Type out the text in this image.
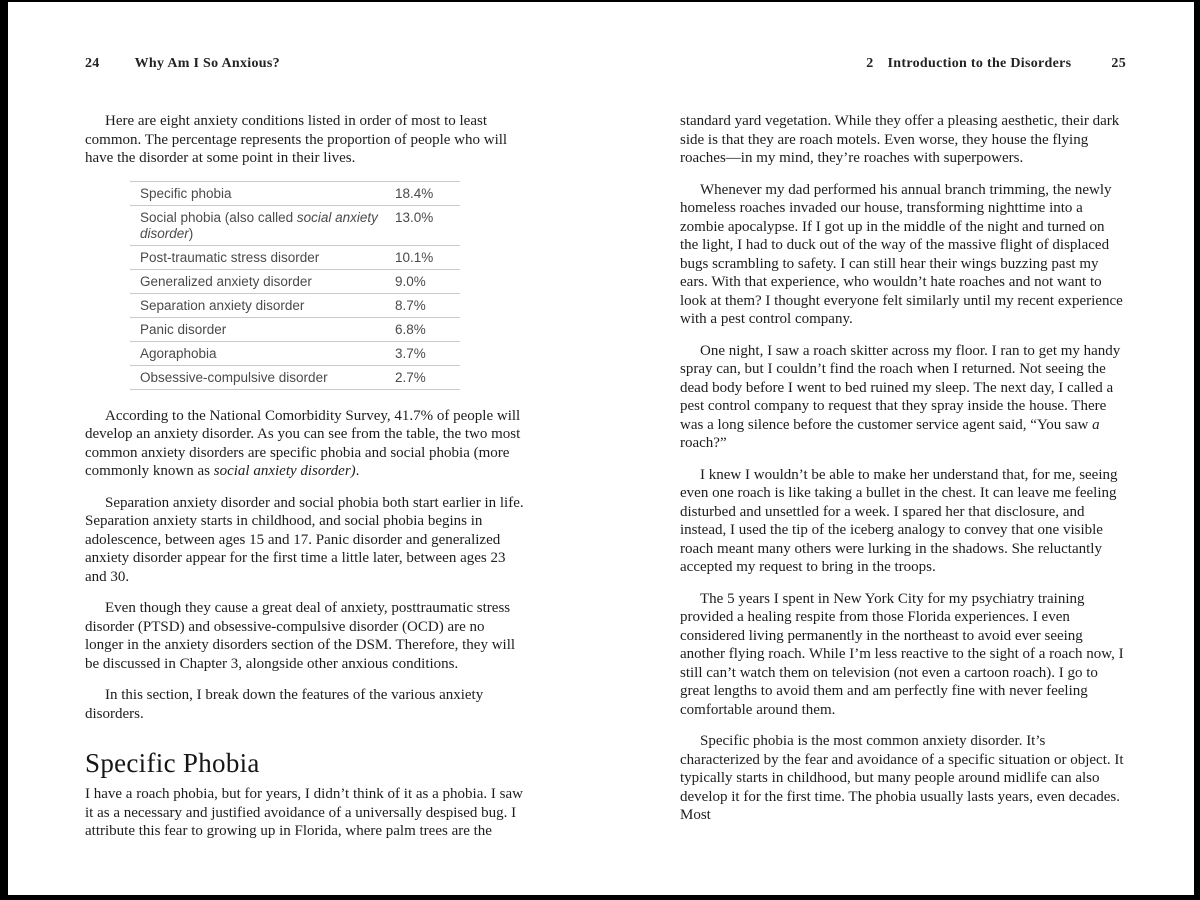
24	Why Am I So Anxious?

Here are eight anxiety conditions listed in order of most to least common. The percentage represents the proportion of people who will have the disorder at some point in their lives.

Specific phobia	18.4%
Social phobia (also called social anxiety disorder)	13.0%
Post-traumatic stress disorder	10.1%
Generalized anxiety disorder	9.0%
Separation anxiety disorder	8.7%
Panic disorder	6.8%
Agoraphobia	3.7%
Obsessive-compulsive disorder	2.7%

According to the National Comorbidity Survey, 41.7% of people will develop an anxiety disorder. As you can see from the table, the two most common anxiety disorders are specific phobia and social phobia (more commonly known as social anxiety disorder).

Separation anxiety disorder and social phobia both start earlier in life. Separation anxiety starts in childhood, and social phobia begins in adolescence, between ages 15 and 17. Panic disorder and generalized anxiety disorder appear for the first time a little later, between ages 23 and 30.

Even though they cause a great deal of anxiety, posttraumatic stress disorder (PTSD) and obsessive-compulsive disorder (OCD) are no longer in the anxiety disorders section of the DSM. Therefore, they will be discussed in Chapter 3, alongside other anxious conditions.

In this section, I break down the features of the various anxiety disorders.

Specific Phobia

I have a roach phobia, but for years, I didn’t think of it as a phobia. I saw it as a necessary and justified avoidance of a universally despised bug. I attribute this fear to growing up in Florida, where palm trees are the

2 Introduction to the Disorders	25

standard yard vegetation. While they offer a pleasing aesthetic, their dark side is that they are roach motels. Even worse, they house the flying roaches—in my mind, they’re roaches with superpowers.

Whenever my dad performed his annual branch trimming, the newly homeless roaches invaded our house, transforming nighttime into a zombie apocalypse. If I got up in the middle of the night and turned on the light, I had to duck out of the way of the massive flight of displaced bugs scrambling to safety. I can still hear their wings buzzing past my ears. With that experience, who wouldn’t hate roaches and not want to look at them? I thought everyone felt similarly until my recent experience with a pest control company.

One night, I saw a roach skitter across my floor. I ran to get my handy spray can, but I couldn’t find the roach when I returned. Not seeing the dead body before I went to bed ruined my sleep. The next day, I called a pest control company to request that they spray inside the house. There was a long silence before the customer service agent said, “You saw a roach?”

I knew I wouldn’t be able to make her understand that, for me, seeing even one roach is like taking a bullet in the chest. It can leave me feeling disturbed and unsettled for a week. I spared her that disclosure, and instead, I used the tip of the iceberg analogy to convey that one visible roach meant many others were lurking in the shadows. She reluctantly accepted my request to bring in the troops.

The 5 years I spent in New York City for my psychiatry training provided a healing respite from those Florida experiences. I even considered living permanently in the northeast to avoid ever seeing another flying roach. While I’m less reactive to the sight of a roach now, I still can’t watch them on television (not even a cartoon roach). I go to great lengths to avoid them and am perfectly fine with never feeling comfortable around them.

Specific phobia is the most common anxiety disorder. It’s characterized by the fear and avoidance of a specific situation or object. It typically starts in childhood, but many people around midlife can also develop it for the first time. The phobia usually lasts years, even decades. Most
